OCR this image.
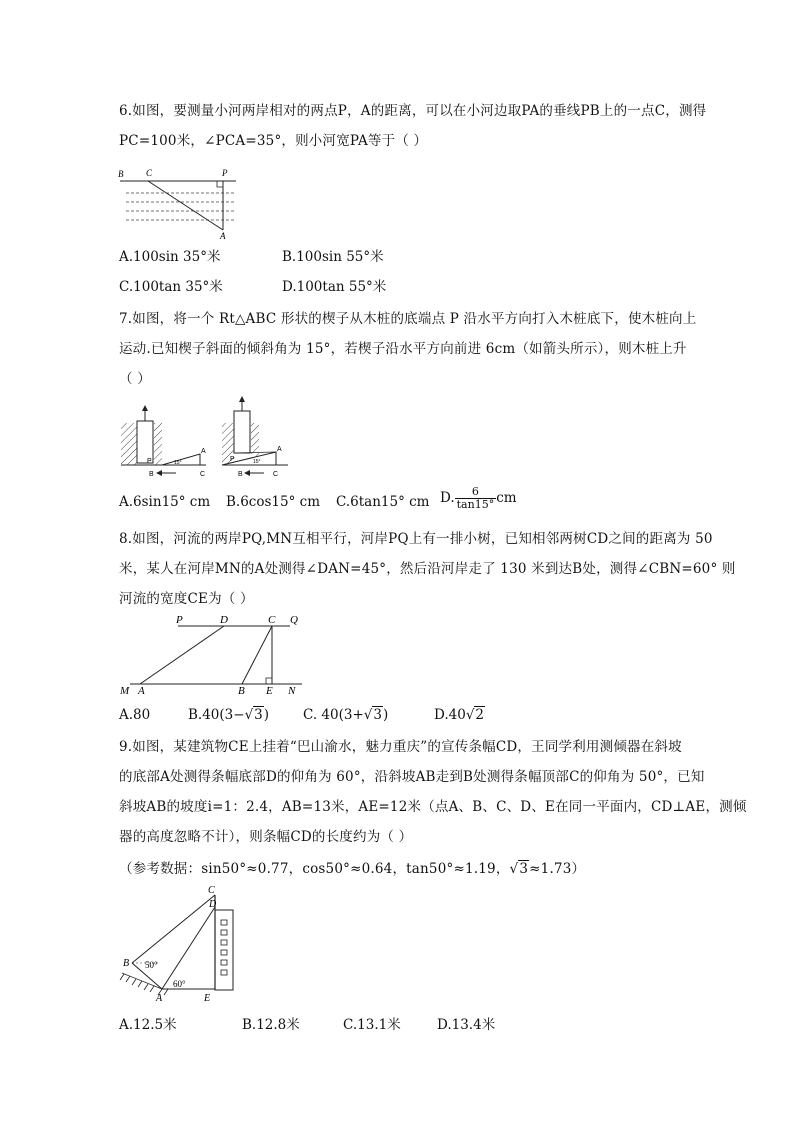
6.如图，要测量小河两岸相对的两点P，A的距离，可以在小河边取PA的垂线PB上的一点C，测得
PC=100米，∠PCA=35°，则小河宽PA等于（ ）
B	C	P
A
A.100sin 35°米	B.100sin 55°米
C.100tan 35°米	D.100tan 55°米
7.如图，将一个 Rt△ABC 形状的楔子从木桩的底端点 P 沿水平方向打入木桩底下，使木桩向上
运动.已知楔子斜面的倾斜角为 15°，若楔子沿水平方向前进 6cm（如箭头所示），则木桩上升
（ ）
P
A
B	C
15°	P
A
B	C
15°
A.6sin15° cm B.6cos15° cm C.6tan15° cm D. $\frac{6}{\tan 15^\circ}$ cm
8.如图，河流的两岸PQ,MN互相平行，河岸PQ上有一排小树，已知相邻两树CD之间的距离为 50
米，某人在河岸MN的A处测得∠DAN=45°，然后沿河岸走了 130 米到达B处，测得∠CBN=60° 则
河流的宽度CE为（ ）
P	D	C Q
M A	B E N
A.80	B.40(3−√3)	C. 40(3+√3)	D.40√2
9.如图，某建筑物CE上挂着“巴山渝水，魅力重庆”的宣传条幅CD，王同学利用测倾器在斜坡
的底部A处测得条幅底部D的仰角为 60°，沿斜坡AB走到B处测得条幅顶部C的仰角为 50°，已知
斜坡AB的坡度i=1：2.4，AB=13米，AE=12米（点A、B、C、D、E在同一平面内，CD⊥AE，测倾
器的高度忽略不计），则条幅CD的长度约为（ ）
（参考数据：sin50°≈0.77，cos50°≈0.64，tan50°≈1.19，√3≈1.73）
C
D
B
A	E
50°
60°
A.12.5米	B.12.8米	C.13.1米	D.13.4米
